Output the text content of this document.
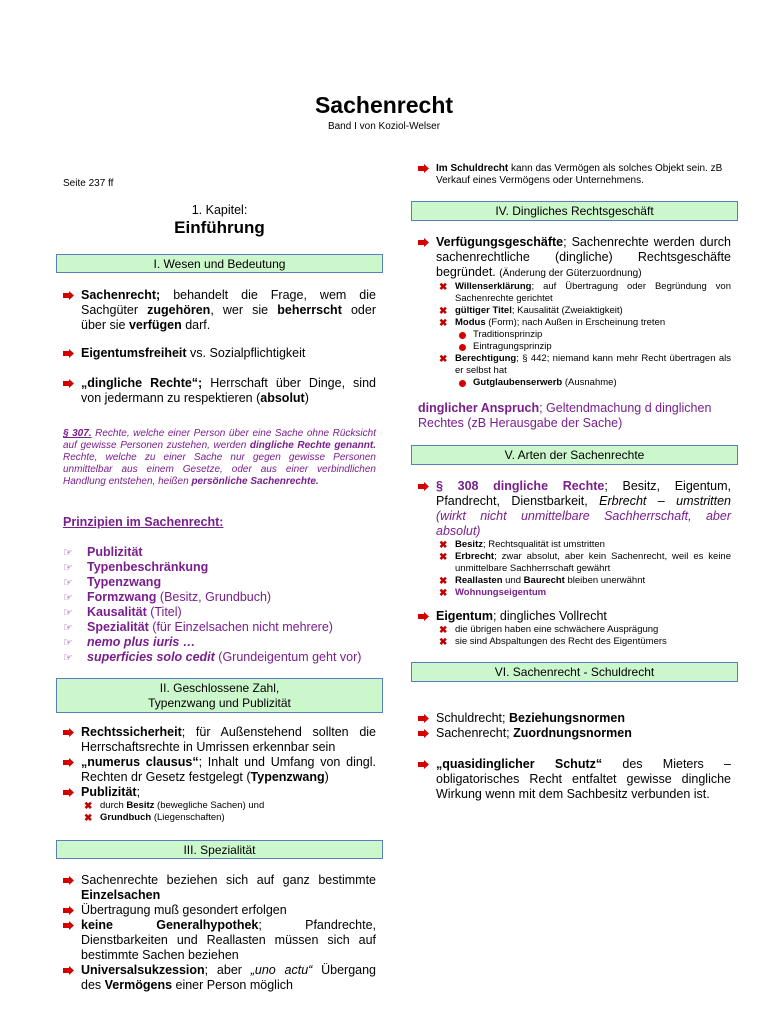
Sachenrecht
Band I von Koziol-Welser
Seite 237 ff
1. Kapitel:
Einführung
I. Wesen und Bedeutung
Sachenrecht; behandelt die Frage, wem die Sachgüter zugehören, wer sie beherrscht oder über sie verfügen darf.
Eigentumsfreiheit vs. Sozialpflichtigkeit
„dingliche Rechte“; Herrschaft über Dinge, sind von jedermann zu respektieren (absolut)
§ 307. Rechte, welche einer Person über eine Sache ohne Rücksicht auf gewisse Personen zustehen, werden dingliche Rechte genannt. Rechte, welche zu einer Sache nur gegen gewisse Personen unmittelbar aus einem Gesetze, oder aus einer verbindlichen Handlung entstehen, heißen persönliche Sachenrechte.
Prinzipien im Sachenrecht:
☞ Publizität
☞ Typenbeschränkung
☞ Typenzwang
☞ Formzwang (Besitz, Grundbuch)
☞ Kausalität (Titel)
☞ Spezialität (für Einzelsachen nicht mehrere)
☞ nemo plus iuris …
☞ superficies solo cedit (Grundeigentum geht vor)
II. Geschlossene Zahl,
Typenzwang und Publizität
Rechtssicherheit; für Außenstehend sollten die Herrschaftsrechte in Umrissen erkennbar sein
„numerus clausus“; Inhalt und Umfang von dingl. Rechten dr Gesetz festgelegt (Typenzwang)
Publizität;
✖ durch Besitz (bewegliche Sachen) und
✖ Grundbuch (Liegenschaften)
III. Spezialität
Sachenrechte beziehen sich auf ganz bestimmte Einzelsachen
Übertragung muß gesondert erfolgen
keine Generalhypothek; Pfandrechte, Dienstbarkeiten und Reallasten müssen sich auf bestimmte Sachen beziehen
Universalsukzession; aber „uno actu“ Übergang des Vermögens einer Person möglich
Im Schuldrecht kann das Vermögen als solches Objekt sein. zB Verkauf eines Vermögens oder Unternehmens.
IV. Dingliches Rechtsgeschäft
Verfügungsgeschäfte; Sachenrechte werden durch sachenrechtliche (dingliche) Rechtsgeschäfte begründet. (Änderung der Güterzuordnung)
✖ Willenserklärung; auf Übertragung oder Begründung von Sachenrechte gerichtet
✖ gültiger Titel; Kausalität (Zweiaktigkeit)
✖ Modus (Form); nach Außen in Erscheinung treten
Traditionsprinzip
Eintragungsprinzip
✖ Berechtigung; § 442; niemand kann mehr Recht übertragen als er selbst hat
Gutglaubenserwerb (Ausnahme)
dinglicher Anspruch; Geltendmachung d dinglichen Rechtes (zB Herausgabe der Sache)
V. Arten der Sachenrechte
§ 308 dingliche Rechte; Besitz, Eigentum, Pfandrecht, Dienstbarkeit, Erbrecht – umstritten (wirkt nicht unmittelbare Sachherrschaft, aber absolut)
✖ Besitz; Rechtsqualität ist umstritten
✖ Erbrecht; zwar absolut, aber kein Sachenrecht, weil es keine unmittelbare Sachherrschaft gewährt
✖ Reallasten und Baurecht bleiben unerwähnt
✖ Wohnungseigentum
Eigentum; dingliches Vollrecht
✖ die übrigen haben eine schwächere Ausprägung
✖ sie sind Abspaltungen des Recht des Eigentümers
VI. Sachenrecht - Schuldrecht
Schuldrecht; Beziehungsnormen
Sachenrecht; Zuordnungsnormen
„quasidinglicher Schutz“ des Mieters – obligatorisches Recht entfaltet gewisse dingliche Wirkung wenn mit dem Sachbesitz verbunden ist.
